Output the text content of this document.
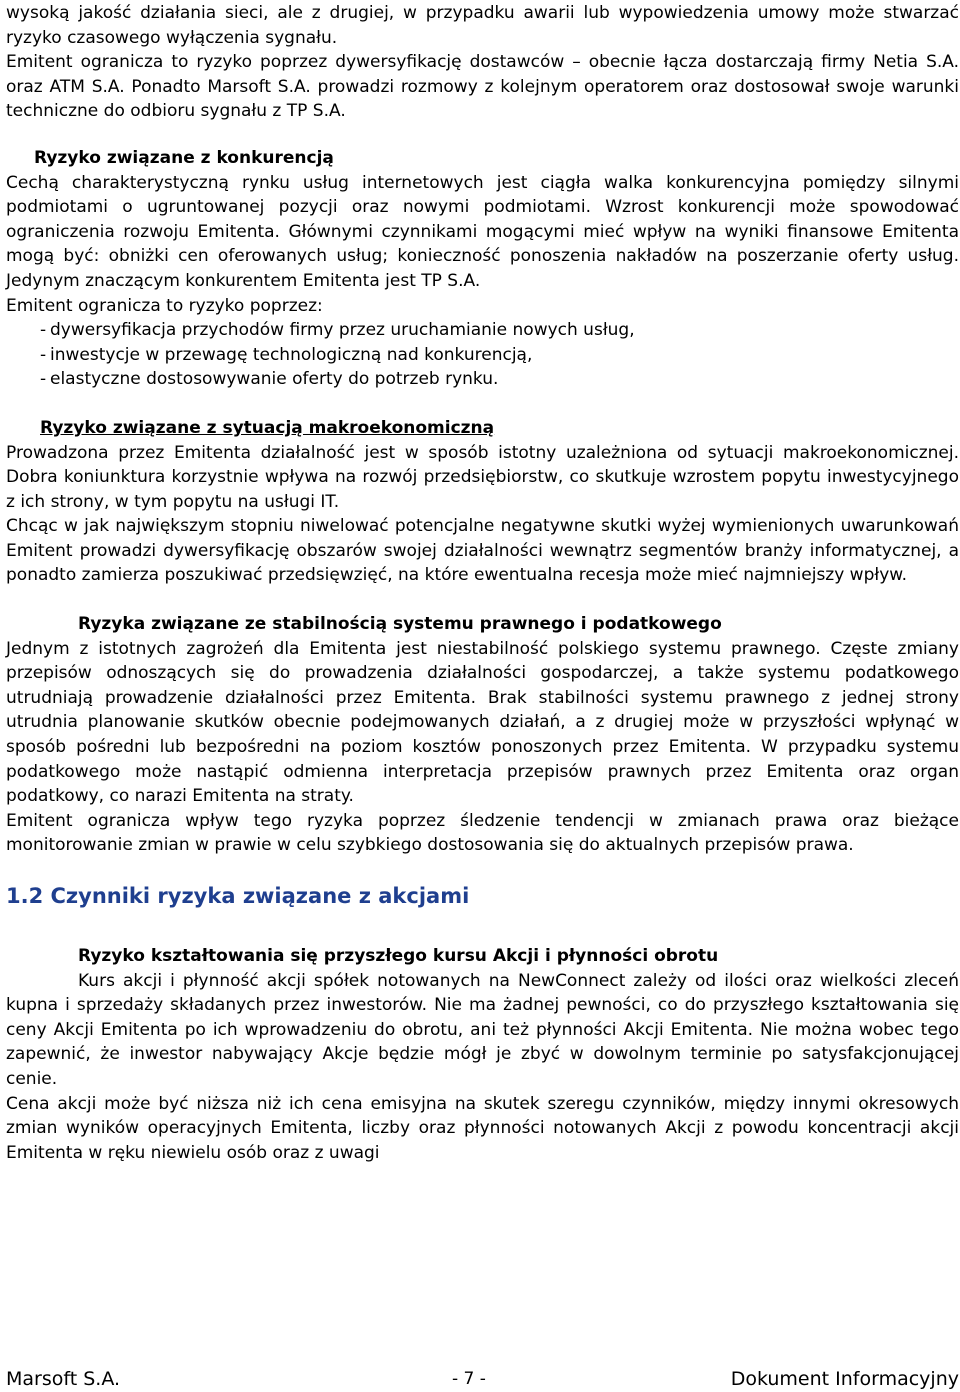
wysoką jakość działania sieci, ale z drugiej, w przypadku awarii lub wypowiedzenia umowy może stwarzać ryzyko czasowego wyłączenia sygnału.

Emitent ogranicza to ryzyko poprzez dywersyfikację dostawców – obecnie łącza dostarczają firmy Netia S.A. oraz ATM S.A. Ponadto Marsoft S.A. prowadzi rozmowy z kolejnym operatorem oraz dostosował swoje warunki techniczne do odbioru sygnału z TP S.A.

Ryzyko związane z konkurencją

Cechą charakterystyczną rynku usług internetowych jest ciągła walka konkurencyjna pomiędzy silnymi podmiotami o ugruntowanej pozycji oraz nowymi podmiotami. Wzrost konkurencji może spowodować ograniczenia rozwoju Emitenta. Głównymi czynnikami mogącymi mieć wpływ na wyniki finansowe Emitenta mogą być: obniżki cen oferowanych usług; konieczność ponoszenia nakładów na poszerzanie oferty usług. Jedynym znaczącym konkurentem Emitenta jest TP S.A.

Emitent ogranicza to ryzyko poprzez:

- dywersyfikacja przychodów firmy przez uruchamianie nowych usług,
- inwestycje w przewagę technologiczną nad konkurencją,
- elastyczne dostosowywanie oferty do potrzeb rynku.
Ryzyko związane z sytuacją makroekonomiczną

Prowadzona przez Emitenta działalność jest w sposób istotny uzależniona od sytuacji makroekonomicznej. Dobra koniunktura korzystnie wpływa na rozwój przedsiębiorstw, co skutkuje wzrostem popytu inwestycyjnego z ich strony, w tym popytu na usługi IT.

Chcąc w jak największym stopniu niwelować potencjalne negatywne skutki wyżej wymienionych uwarunkowań Emitent prowadzi dywersyfikację obszarów swojej działalności wewnątrz segmentów branży informatycznej, a ponadto zamierza poszukiwać przedsięwzięć, na które ewentualna recesja może mieć najmniejszy wpływ.

Ryzyka związane ze stabilnością systemu prawnego i podatkowego

Jednym z istotnych zagrożeń dla Emitenta jest niestabilność polskiego systemu prawnego. Częste zmiany przepisów odnoszących się do prowadzenia działalności gospodarczej, a także systemu podatkowego utrudniają prowadzenie działalności przez Emitenta. Brak stabilności systemu prawnego z jednej strony utrudnia planowanie skutków obecnie podejmowanych działań, a z drugiej może w przyszłości wpłynąć w sposób pośredni lub bezpośredni na poziom kosztów ponoszonych przez Emitenta. W przypadku systemu podatkowego może nastąpić odmienna interpretacja przepisów prawnych przez Emitenta oraz organ podatkowy, co narazi Emitenta na straty.

Emitent ogranicza wpływ tego ryzyka poprzez śledzenie tendencji w zmianach prawa oraz bieżące monitorowanie zmian w prawie w celu szybkiego dostosowania się do aktualnych przepisów prawa.

1.2 Czynniki ryzyka związane z akcjami
Ryzyko kształtowania się przyszłego kursu Akcji i płynności obrotu

Kurs akcji i płynność akcji spółek notowanych na NewConnect zależy od ilości oraz wielkości zleceń kupna i sprzedaży składanych przez inwestorów. Nie ma żadnej pewności, co do przyszłego kształtowania się ceny Akcji Emitenta po ich wprowadzeniu do obrotu, ani też płynności Akcji Emitenta. Nie można wobec tego zapewnić, że inwestor nabywający Akcje będzie mógł je zbyć w dowolnym terminie po satysfakcjonującej cenie.

Cena akcji może być niższa niż ich cena emisyjna na skutek szeregu czynników, między innymi okresowych zmian wyników operacyjnych Emitenta, liczby oraz płynności notowanych Akcji z powodu koncentracji akcji Emitenta w ręku niewielu osób oraz z uwagi

Marsoft S.A.	- 7 -	Dokument Informacyjny
